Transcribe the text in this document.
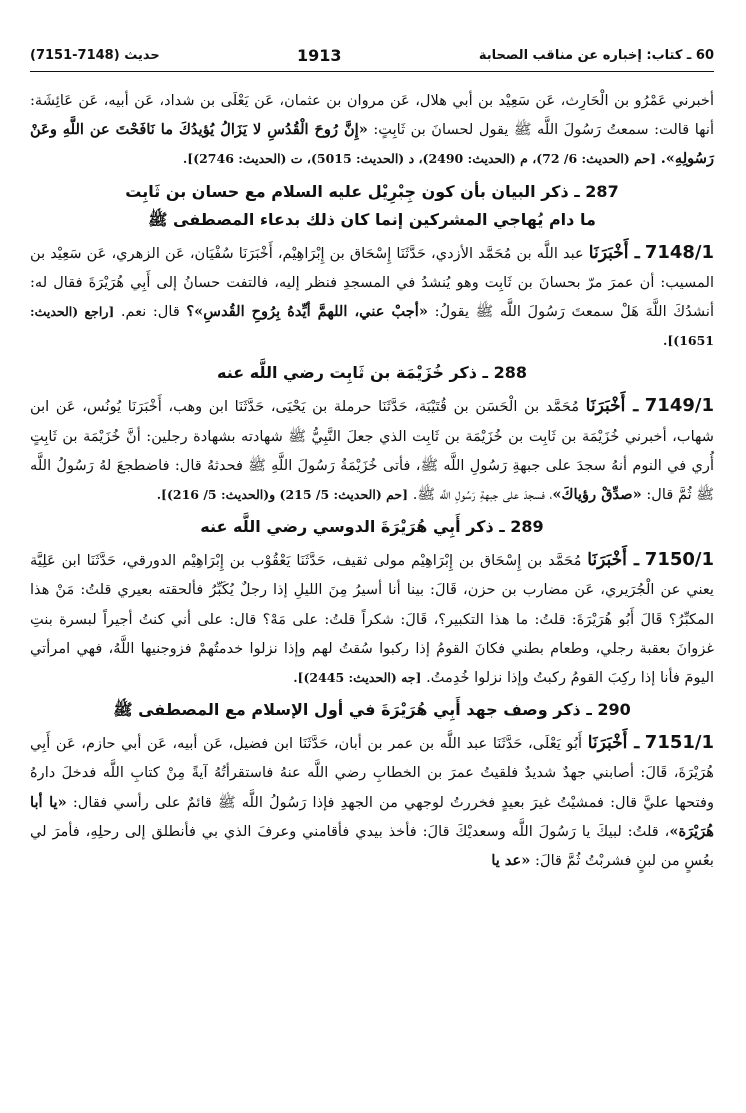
60 ـ كتاب: إخباره عن مناقب الصحابة
1913
حديث (7148-7151)

أخبرني عَمْرُو بن الْحَارِث، عَن سَعِيْد بن أبي هلال، عَن مروان بن عثمان، عَن يَعْلَى بن شداد، عَن أبيه، عَن عَائِشَة: أنها قالت: سمعتُ رَسُولَ اللَّه ﷺ يقول لحسانَ بن ثَابِتٍ: «إِنَّ رُوحَ الْقُدُسِ لا يَزَالُ يُؤيدُكَ ما نَافَحْتَ عن اللَّهِ وعَنْ رَسُولِهِ». [حم (الحديث: 6/ 72)، م (الحديث: 2490)، د (الحديث: 5015)، ت (الحديث: 2746)].

287 ـ ذكر البيان بأن كون جِبْرِيْل عليه السلام مع حسان بن ثَابِت
ما دام يُهاجي المشركين إنما كان ذلك بدعاء المصطفى ﷺ

7148/1 ـ أَخْبَرَنَا عبد اللَّه بن مُحَمَّد الأزدي، حَدَّثَنَا إِسْحَاق بن إِبْرَاهِيْم، أَخْبَرَنَا سُفْيَان، عَن الزهري، عَن سَعِيْد بن المسيب: أن عمرَ مرّ بحسانَ بن ثَابِت وهو يُنشدُ في المسجدِ فنظر إليه، فالتفت حسانُ إلى أَبِي هُرَيْرَةَ فقال له: أنشدُكَ اللَّهَ هَلْ سمعتَ رَسُولَ اللَّه ﷺ يقولُ: «أجبْ عني، اللهمَّ أيِّدهُ بِرُوحِ القُدسِ»؟ قال: نعم. [راجع (الحديث: 1651)].

288 ـ ذكر خُزَيْمَة بن ثَابِت رضي اللَّه عنه

7149/1 ـ أَخْبَرَنَا مُحَمَّد بن الْحَسَن بن قُتَيْبَة، حَدَّثَنَا حرملة بن يَحْيَى، حَدَّثَنَا ابن وهب، أَخْبَرَنَا يُونُس، عَن ابن شهاب، أخبرني خُزَيْمَة بن ثَابِت بن خُزَيْمَة بن ثَابِت الذي جعلَ النَّبِيُّ ﷺ شهادته بشهادة رجلين: أنَّ خُزَيْمَة بن ثَابِتٍ أُري في النوم أنهُ سجدَ على جبهةِ رَسُولِ اللَّه ﷺ، فأتى خُزَيْمَةُ رَسُولَ اللَّهِ ﷺ فحدثهُ قال: فاضطجعَ لهُ رَسُولُ اللَّه ﷺ ثُمَّ قال: «صدِّقْ رؤياكَ»، فسجدَ على جبهةِ رَسُولِ اللَّه ﷺ. [حم (الحديث: 5/ 215) و(الحديث: 5/ 216)].

289 ـ ذكر أَبِي هُرَيْرَةَ الدوسي رضي اللَّه عنه

7150/1 ـ أَخْبَرَنَا مُحَمَّد بن إِسْحَاق بن إِبْرَاهِيْم مولى ثقيف، حَدَّثَنَا يَعْقُوْب بن إِبْرَاهِيْم الدورقي، حَدَّثَنَا ابن عَلِيَّة يعني عن الْجُرَيري، عَن مضارب بن حزن، قَالَ: بينا أنا أسيرُ مِنَ الليلِ إذا رجلٌ يُكَبِّرُ فألحقته بعيري قلتُ: مَنْ هذا المكبِّرُ؟ قَالَ أَبُو هُرَيْرَةَ: قلتُ: ما هذا التكبير؟، قَالَ: شكراً قلتُ: على مَهْ؟ قال: على أني كنتُ أجيراً لبسرة بنتِ غزوانَ بعقبة رجلي، وطعام بطني فكانَ القومُ إذا ركبوا سُقتُ لهم وإذا نزلوا خدمتُهمْ فزوجنيها اللَّهُ، فهي امرأتي اليومَ فأنا إذا ركِبَ القومُ ركبتُ وإذا نزلوا خُدِمتُ. [جه (الحديث: 2445)].

290 ـ ذكر وصف جهد أَبِي هُرَيْرَةَ في أول الإسلام مع المصطفى ﷺ

7151/1 ـ أَخْبَرَنَا أَبُو يَعْلَى، حَدَّثَنَا عبد اللَّه بن عمر بن أبان، حَدَّثَنَا ابن فضيل، عَن أبيه، عَن أبي حازم، عَن أَبِي هُرَيْرَةَ، قَالَ: أصابني جهدٌ شديدٌ فلقيتُ عمرَ بن الخطابِ رضي اللَّه عنهُ فاستقرأتُهُ آيةً مِنْ كتابِ اللَّه فدخلَ دارهُ وفتحها عليَّ قال: فمشيْتُ غيرَ بعيدٍ فخررتُ لوجهي من الجهدِ فإذا رَسُولُ اللَّه ﷺ قائمٌ على رأسي فقال: «يا أبا هُرَيْرَة»، قلتُ: لبيكَ يا رَسُولَ اللَّه وسعديْكَ قالَ: فأخذ بيدي فأقامني وعرفَ الذي بي فأنطلق إلى رحلِهِ، فأمرَ لي بعُسٍ من لبنٍ فشربْتُ ثُمَّ قالَ: «عد يا
